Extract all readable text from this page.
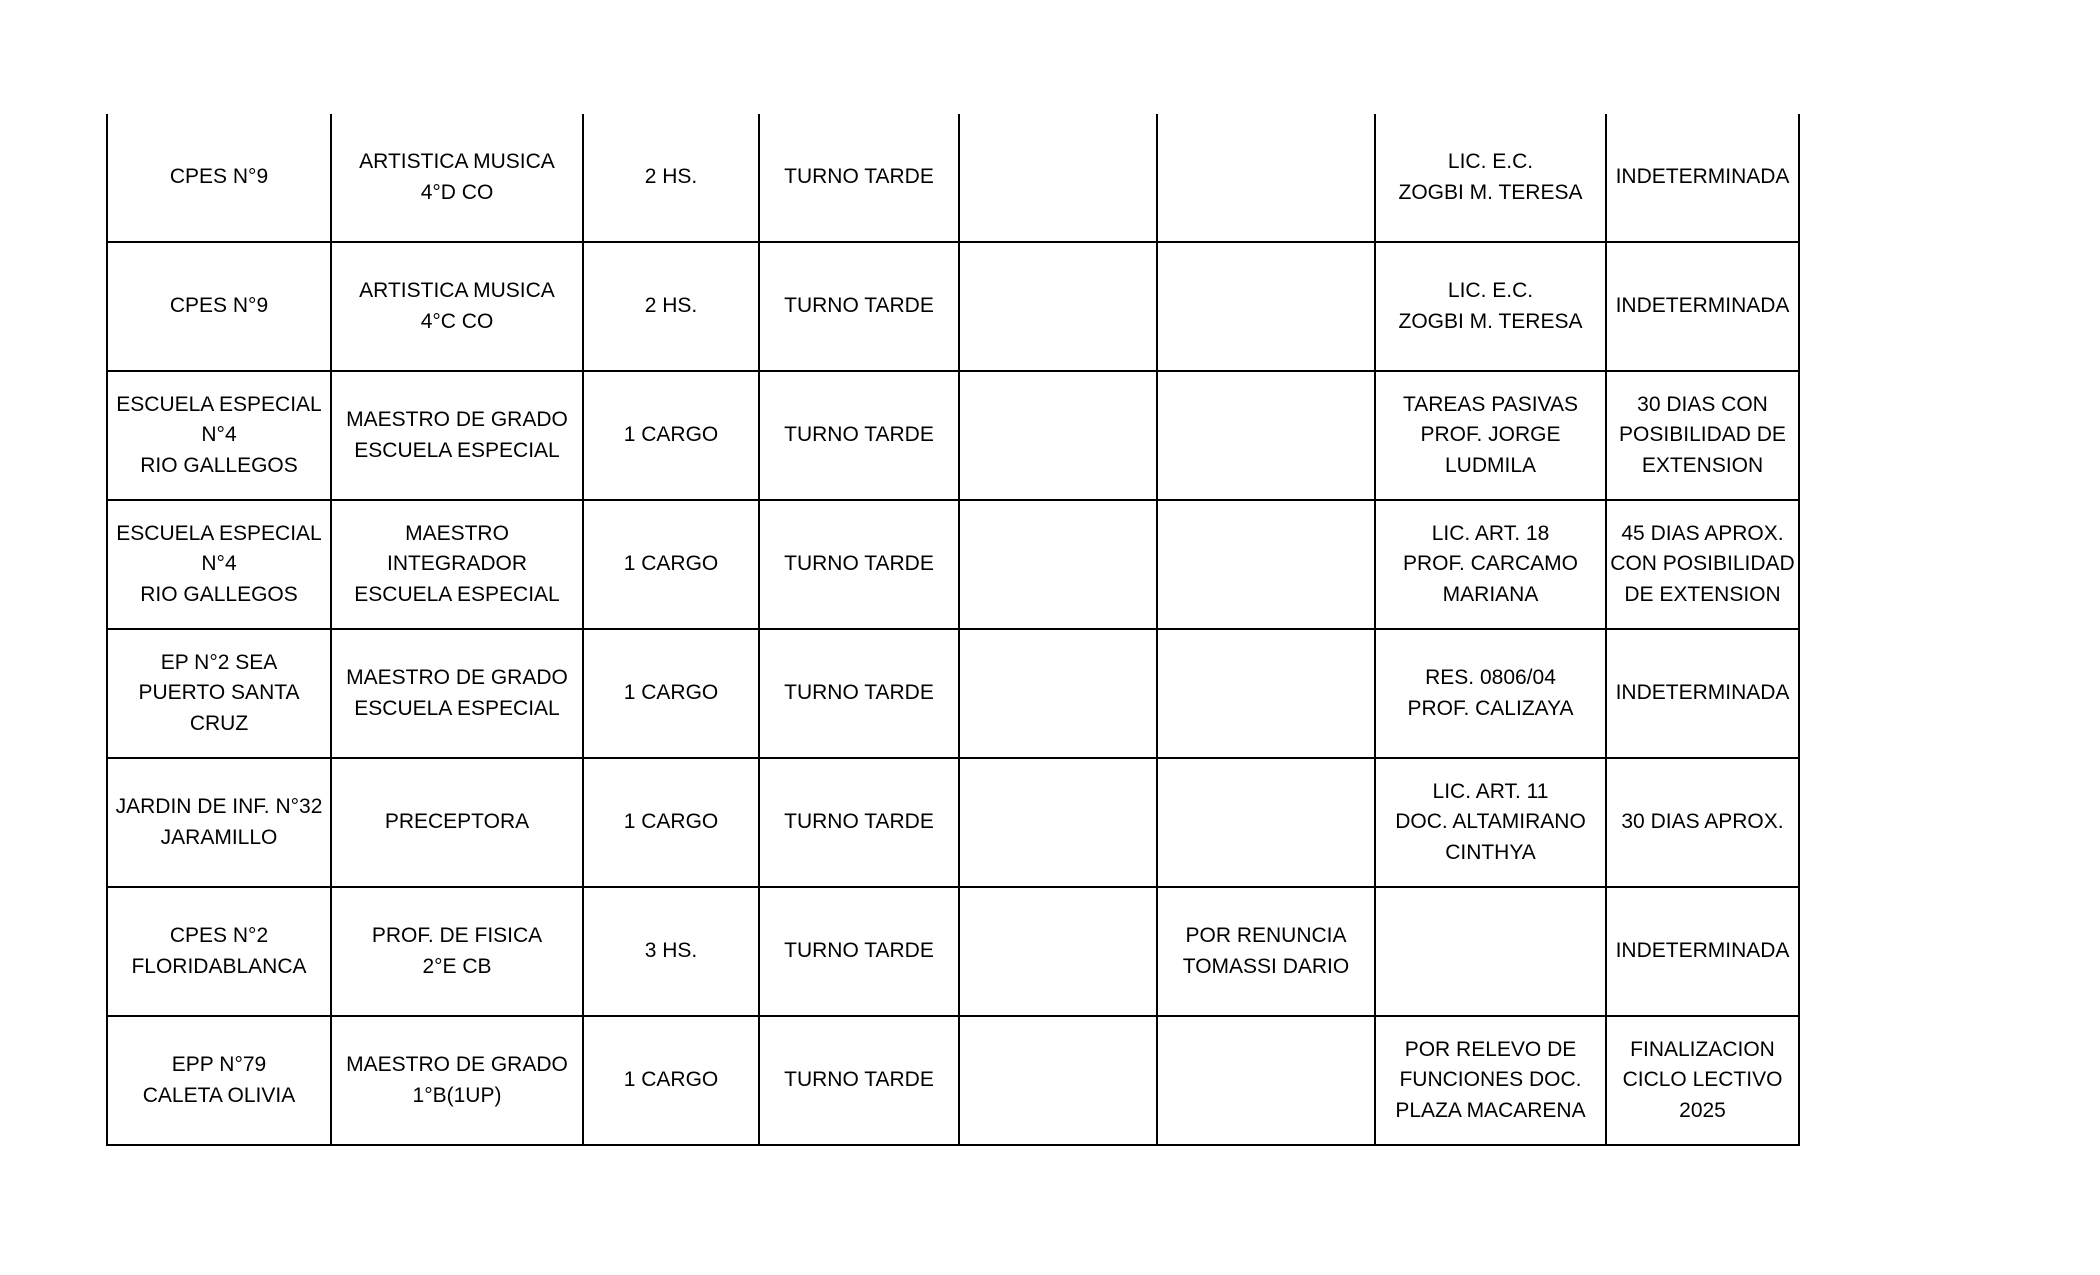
CPES N°9	ARTISTICA MUSICA
4°D CO	2 HS.	TURNO TARDE			LIC. E.C.
ZOGBI M. TERESA	INDETERMINADA

CPES N°9	ARTISTICA MUSICA
4°C CO	2 HS.	TURNO TARDE			LIC. E.C.
ZOGBI M. TERESA	INDETERMINADA

ESCUELA ESPECIAL N°4
RIO GALLEGOS	MAESTRO DE GRADO
ESCUELA ESPECIAL	1 CARGO	TURNO TARDE			TAREAS PASIVAS
PROF. JORGE LUDMILA	30 DIAS CON
POSIBILIDAD DE
EXTENSION

ESCUELA ESPECIAL N°4
RIO GALLEGOS	MAESTRO INTEGRADOR
ESCUELA ESPECIAL	1 CARGO	TURNO TARDE			LIC. ART. 18
PROF. CARCAMO
MARIANA	45 DIAS APROX.
CON POSIBILIDAD
DE EXTENSION

EP N°2 SEA
PUERTO SANTA CRUZ	MAESTRO DE GRADO
ESCUELA ESPECIAL	1 CARGO	TURNO TARDE			RES. 0806/04
PROF. CALIZAYA	INDETERMINADA

JARDIN DE INF. N°32
JARAMILLO	PRECEPTORA	1 CARGO	TURNO TARDE			LIC. ART. 11
DOC. ALTAMIRANO
CINTHYA	30 DIAS APROX.

CPES N°2
FLORIDABLANCA	PROF. DE FISICA
2°E CB	3 HS.	TURNO TARDE		POR RENUNCIA
TOMASSI DARIO		INDETERMINADA

EPP N°79
CALETA OLIVIA	MAESTRO DE GRADO
1°B(1UP)	1 CARGO	TURNO TARDE			POR RELEVO DE
FUNCIONES DOC.
PLAZA MACARENA	FINALIZACION
CICLO LECTIVO
2025
